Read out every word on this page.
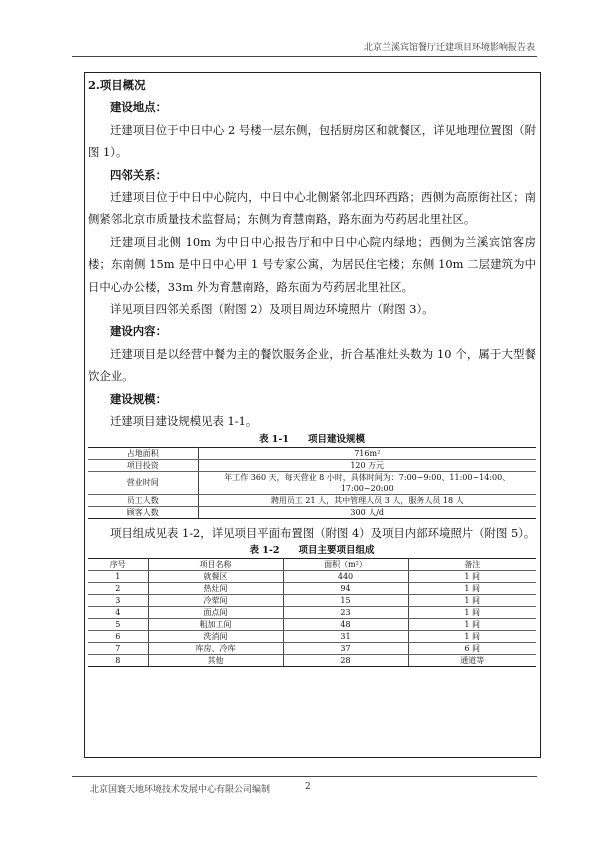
北京兰溪宾馆餐厅迁建项目环境影响报告表

2.项目概况

建设地点：

迁建项目位于中日中心 2 号楼一层东侧，包括厨房区和就餐区，详见地理位置图（附图 1）。

四邻关系：

迁建项目位于中日中心院内，中日中心北侧紧邻北四环西路；西侧为高原街社区；南侧紧邻北京市质量技术监督局；东侧为育慧南路，路东面为芍药居北里社区。

迁建项目北侧 10m 为中日中心报告厅和中日中心院内绿地；西侧为兰溪宾馆客房楼；东南侧 15m 是中日中心甲 1 号专家公寓，为居民住宅楼；东侧 10m 二层建筑为中日中心办公楼，33m 外为育慧南路，路东面为芍药居北里社区。

详见项目四邻关系图（附图 2）及项目周边环境照片（附图 3）。

建设内容：

迁建项目是以经营中餐为主的餐饮服务企业，折合基准灶头数为 10 个，属于大型餐饮企业。

建设规模：

迁建项目建设规模见表 1-1。

表 1-1　　项目建设规模

占地面积	716m²
项目投资	120 万元
营业时间	年工作 360 天，每天营业 8 小时，具体时间为：7:00~9:00、11:00~14:00、17:00~20:00
员工人数	聘用员工 21 人，其中管理人员 3 人，服务人员 18 人
顾客人数	300 人/d

项目组成见表 1-2，详见项目平面布置图（附图 4）及项目内部环境照片（附图 5）。

表 1-2　　项目主要项目组成

序号	项目名称	面积（m²）	备注
1	就餐区	440	1 间
2	热灶间	94	1 间
3	冷荤间	15	1 间
4	面点间	23	1 间
5	粗加工间	48	1 间
6	洗消间	31	1 间
7	库房、冷库	37	6 间
8	其他	28	通道等
北京国寰天地环境技术发展中心有限公司编制	2
